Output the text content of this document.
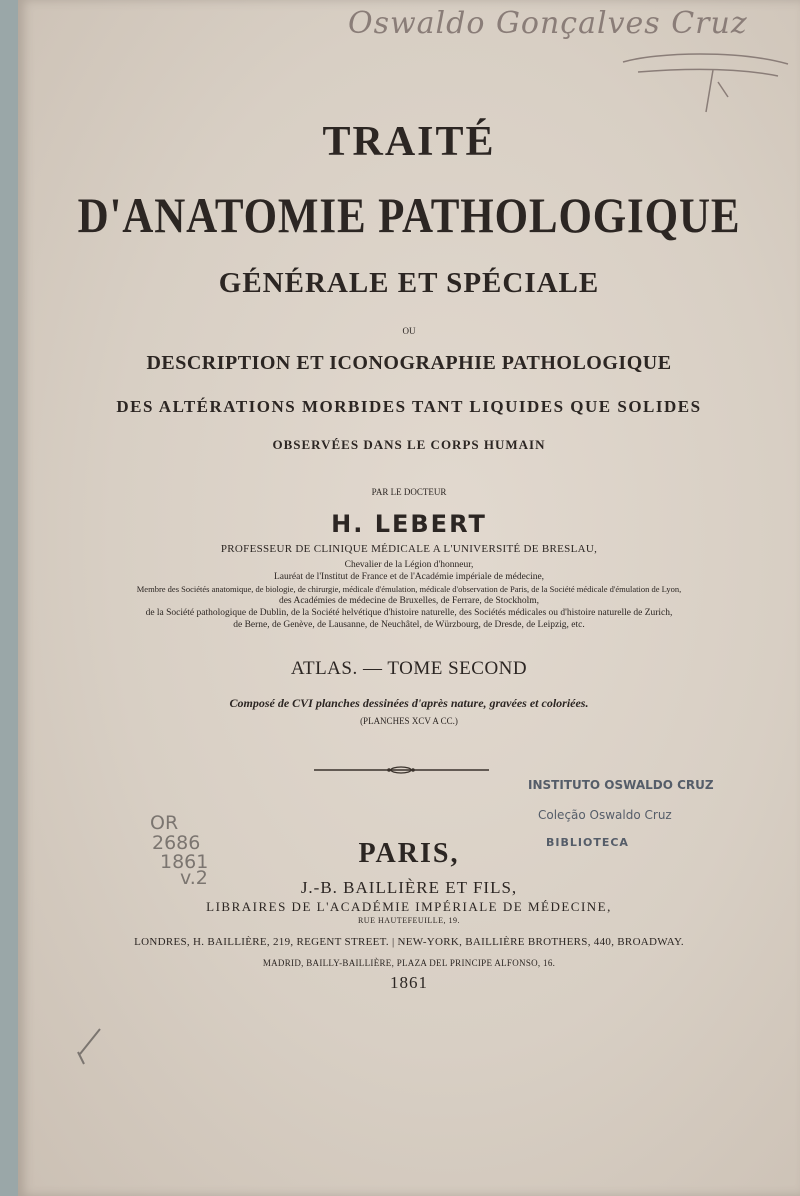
Oswaldo Gonçalves Cruz
TRAITÉ
D'ANATOMIE PATHOLOGIQUE
GÉNÉRALE ET SPÉCIALE
OU
DESCRIPTION ET ICONOGRAPHIE PATHOLOGIQUE
DES ALTÉRATIONS MORBIDES TANT LIQUIDES QUE SOLIDES
OBSERVÉES DANS LE CORPS HUMAIN
PAR LE DOCTEUR
H. LEBERT
PROFESSEUR DE CLINIQUE MÉDICALE A L'UNIVERSITÉ DE BRESLAU,
Chevalier de la Légion d'honneur,
Lauréat de l'Institut de France et de l'Académie impériale de médecine,
Membre des Sociétés anatomique, de biologie, de chirurgie, médicale d'émulation, médicale d'observation de Paris, de la Société médicale d'émulation de Lyon,
des Académies de médecine de Bruxelles, de Ferrare, de Stockholm,
de la Société pathologique de Dublin, de la Société helvétique d'histoire naturelle, des Sociétés médicales ou d'histoire naturelle de Zurich,
de Berne, de Genève, de Lausanne, de Neuchâtel, de Würzbourg, de Dresde, de Leipzig, etc.
ATLAS. — TOME SECOND
Composé de CVI planches dessinées d'après nature, gravées et coloriées.
(PLANCHES XCV A CC.)
INSTITUTO OSWALDO CRUZ
Coleção Oswaldo Cruz
BIBLIOTECA
OR
2686
1861
v.2
PARIS,
J.-B. BAILLIÈRE ET FILS,
LIBRAIRES DE L'ACADÉMIE IMPÉRIALE DE MÉDECINE,
RUE HAUTEFEUILLE, 19.
LONDRES, H. BAILLIÈRE, 219, REGENT STREET. | NEW-YORK, BAILLIÈRE BROTHERS, 440, BROADWAY.
MADRID, BAILLY-BAILLIÈRE, PLAZA DEL PRINCIPE ALFONSO, 16.
1861
